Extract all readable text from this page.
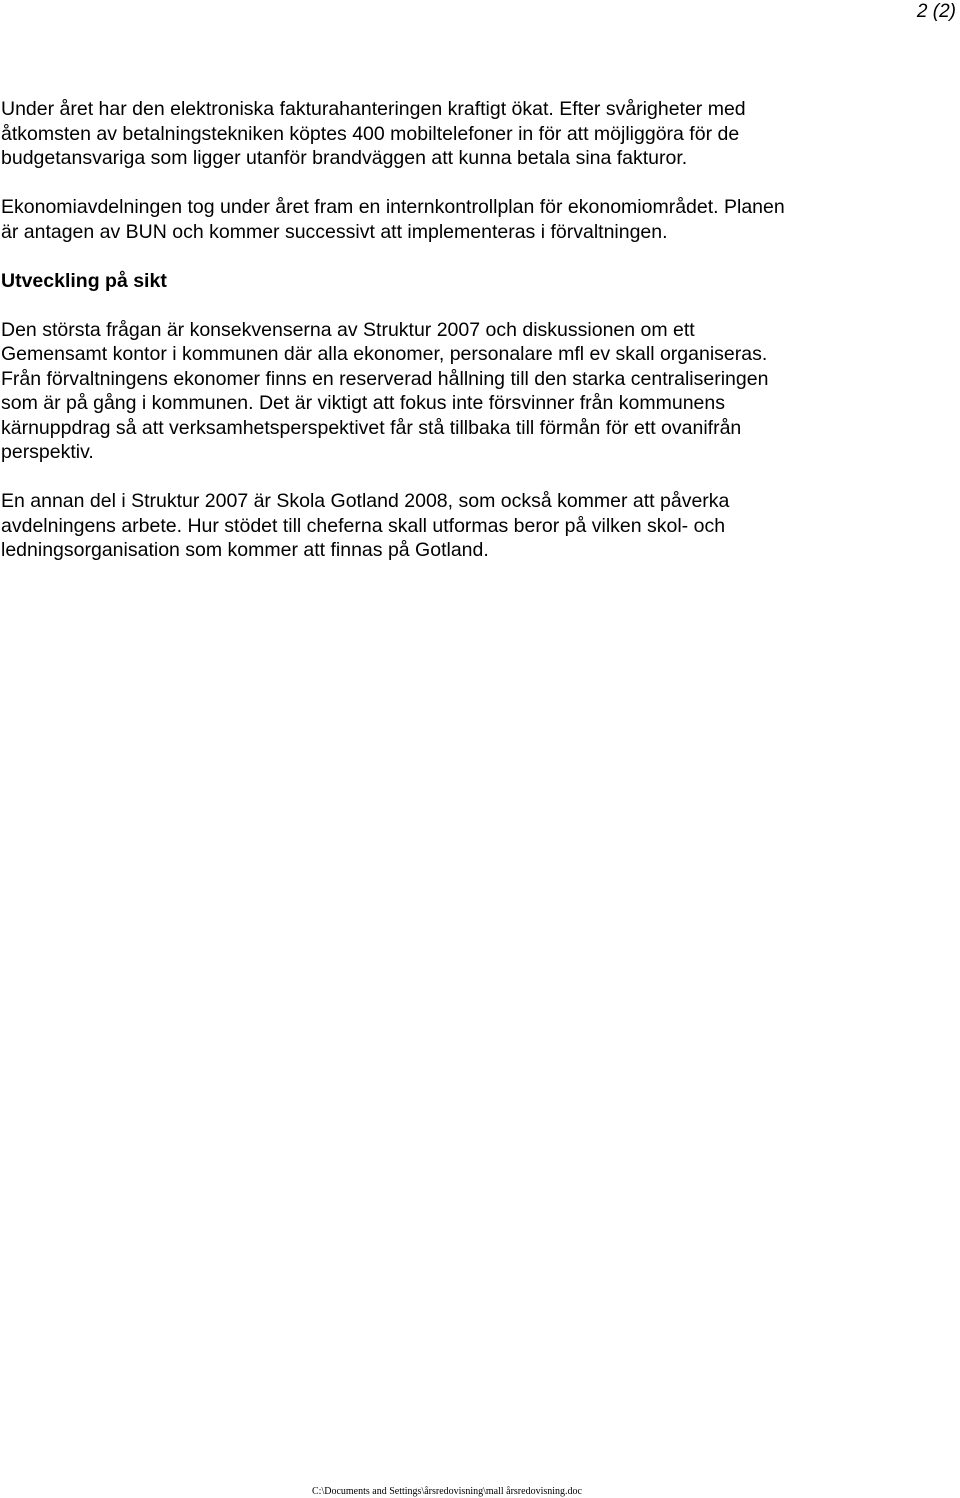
2 (2)

Under året har den elektroniska fakturahanteringen kraftigt ökat. Efter svårigheter med
åtkomsten av betalningstekniken köptes 400 mobiltelefoner in för att möjliggöra för de
budgetansvariga som ligger utanför brandväggen att kunna betala sina fakturor.

Ekonomiavdelningen tog under året fram en internkontrollplan för ekonomiområdet. Planen
är antagen av BUN och kommer successivt att implementeras i förvaltningen.

Utveckling på sikt

Den största frågan är konsekvenserna av Struktur 2007 och diskussionen om ett
Gemensamt kontor i kommunen där alla ekonomer, personalare mfl ev skall organiseras.
Från förvaltningens ekonomer finns en reserverad hållning till den starka centraliseringen
som är på gång i kommunen. Det är viktigt att fokus inte försvinner från kommunens
kärnuppdrag så att verksamhetsperspektivet får stå tillbaka till förmån för ett ovanifrån
perspektiv.

En annan del i Struktur 2007 är Skola Gotland 2008, som också kommer att påverka
avdelningens arbete. Hur stödet till cheferna skall utformas beror på vilken skol- och
ledningsorganisation som kommer att finnas på Gotland.

C:\Documents and Settings\årsredovisning\mall årsredovisning.doc
